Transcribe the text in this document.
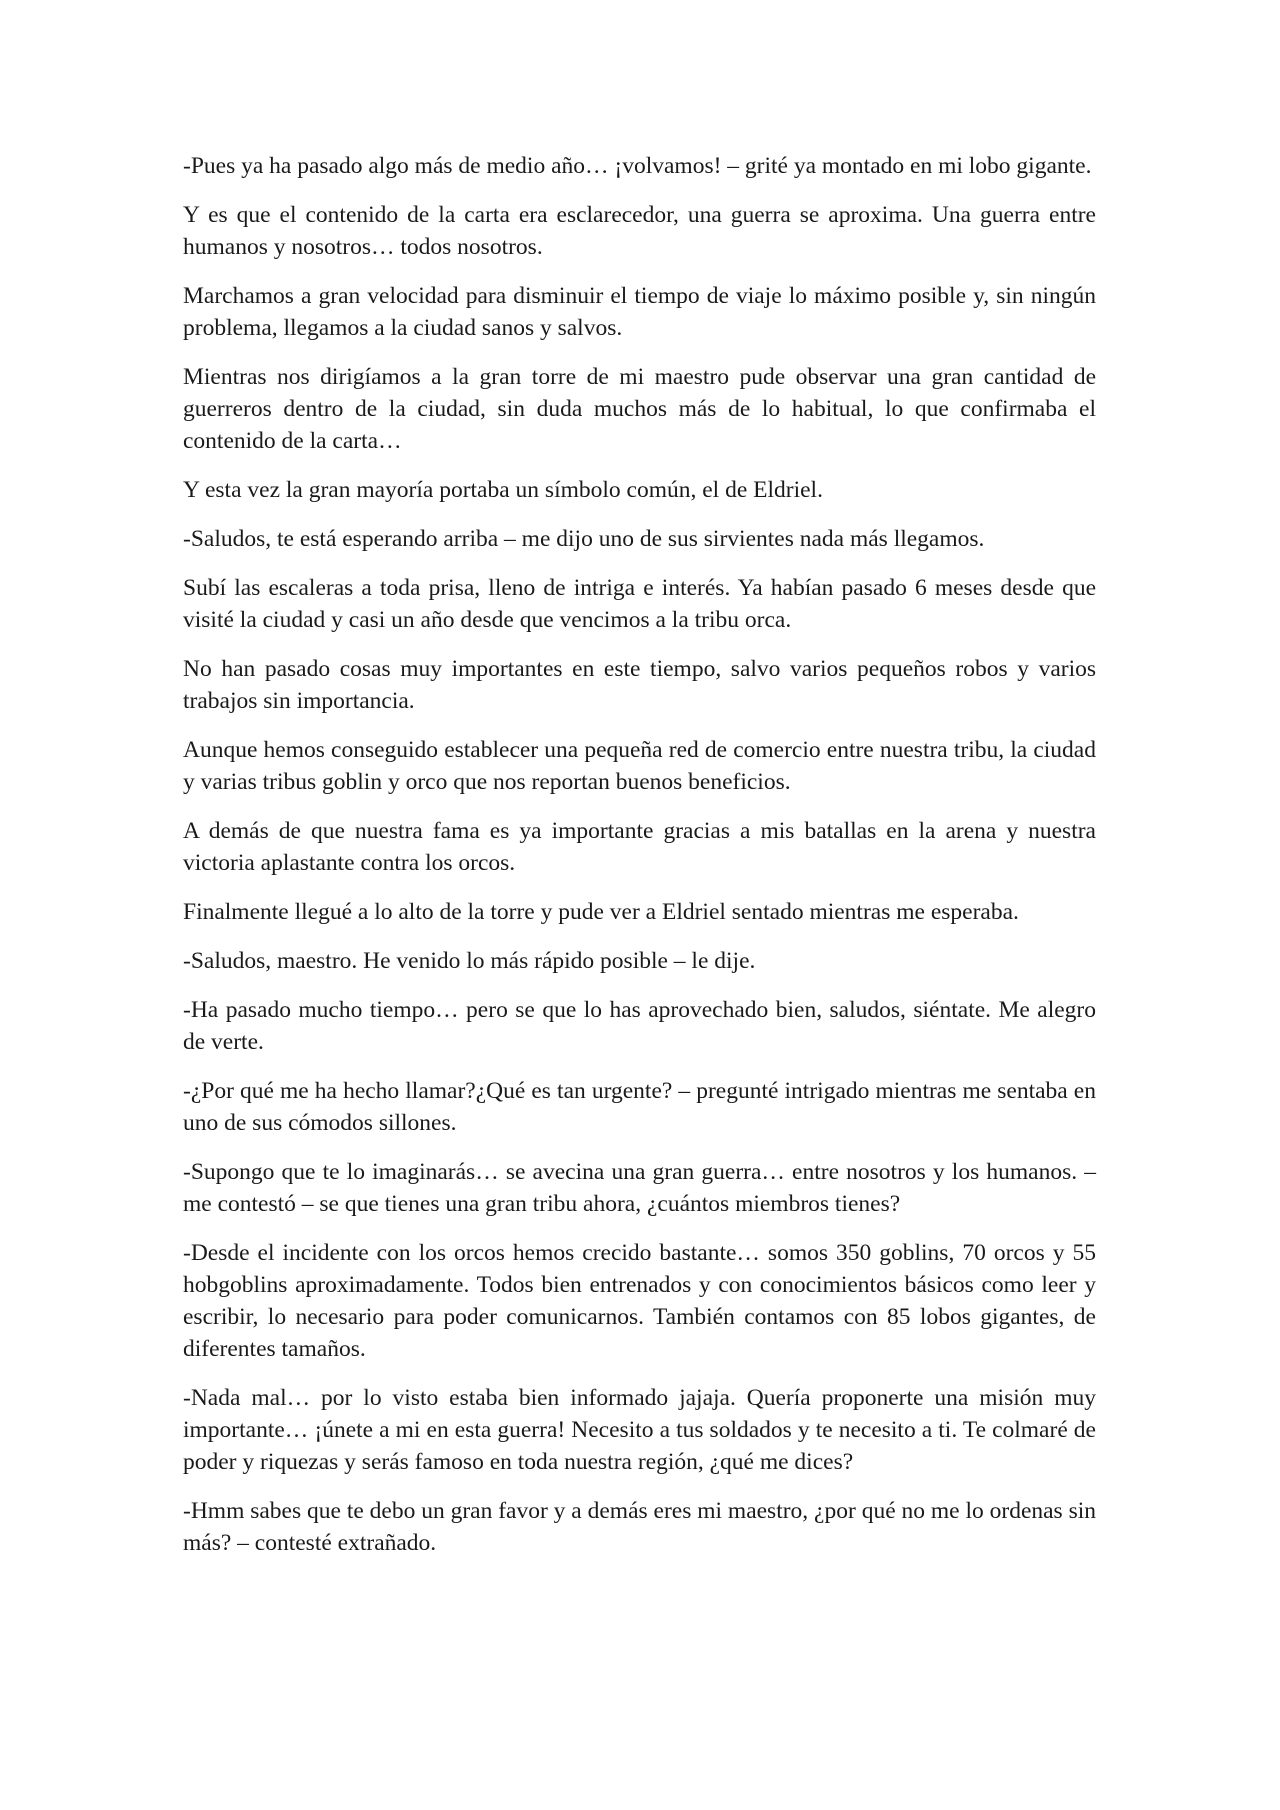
-Pues ya ha pasado algo más de medio año… ¡volvamos! – grité ya montado en mi lobo gigante.

Y es que el contenido de la carta era esclarecedor, una guerra se aproxima. Una guerra entre humanos y nosotros… todos nosotros.

Marchamos a gran velocidad para disminuir el tiempo de viaje lo máximo posible y, sin ningún problema, llegamos a la ciudad sanos y salvos.

Mientras nos dirigíamos a la gran torre de mi maestro pude observar una gran cantidad de guerreros dentro de la ciudad, sin duda muchos más de lo habitual, lo que confirmaba el contenido de la carta…

Y esta vez la gran mayoría portaba un símbolo común, el de Eldriel.

-Saludos, te está esperando arriba – me dijo uno de sus sirvientes nada más llegamos.

Subí las escaleras a toda prisa, lleno de intriga e interés. Ya habían pasado 6 meses desde que visité la ciudad y casi un año desde que vencimos a la tribu orca.

No han pasado cosas muy importantes en este tiempo, salvo varios pequeños robos y varios trabajos sin importancia.

Aunque hemos conseguido establecer una pequeña red de comercio entre nuestra tribu, la ciudad y varias tribus goblin y orco que nos reportan buenos beneficios.

A demás de que nuestra fama es ya importante gracias a mis batallas en la arena y nuestra victoria aplastante contra los orcos.

Finalmente llegué a lo alto de la torre y pude ver a Eldriel sentado mientras me esperaba.

-Saludos, maestro. He venido lo más rápido posible – le dije.

-Ha pasado mucho tiempo… pero se que lo has aprovechado bien, saludos, siéntate. Me alegro de verte.

-¿Por qué me ha hecho llamar?¿Qué es tan urgente? – pregunté intrigado mientras me sentaba en uno de sus cómodos sillones.

-Supongo que te lo imaginarás… se avecina una gran guerra… entre nosotros y los humanos. – me contestó – se que tienes una gran tribu ahora, ¿cuántos miembros tienes?

-Desde el incidente con los orcos hemos crecido bastante… somos 350 goblins, 70 orcos y 55 hobgoblins aproximadamente. Todos bien entrenados y con conocimientos básicos como leer y escribir, lo necesario para poder comunicarnos. También contamos con 85 lobos gigantes, de diferentes tamaños.

-Nada mal… por lo visto estaba bien informado jajaja. Quería proponerte una misión muy importante… ¡únete a mi en esta guerra! Necesito a tus soldados y te necesito a ti. Te colmaré de poder y riquezas y serás famoso en toda nuestra región, ¿qué me dices?

-Hmm sabes que te debo un gran favor y a demás eres mi maestro, ¿por qué no me lo ordenas sin más? – contesté extrañado.
